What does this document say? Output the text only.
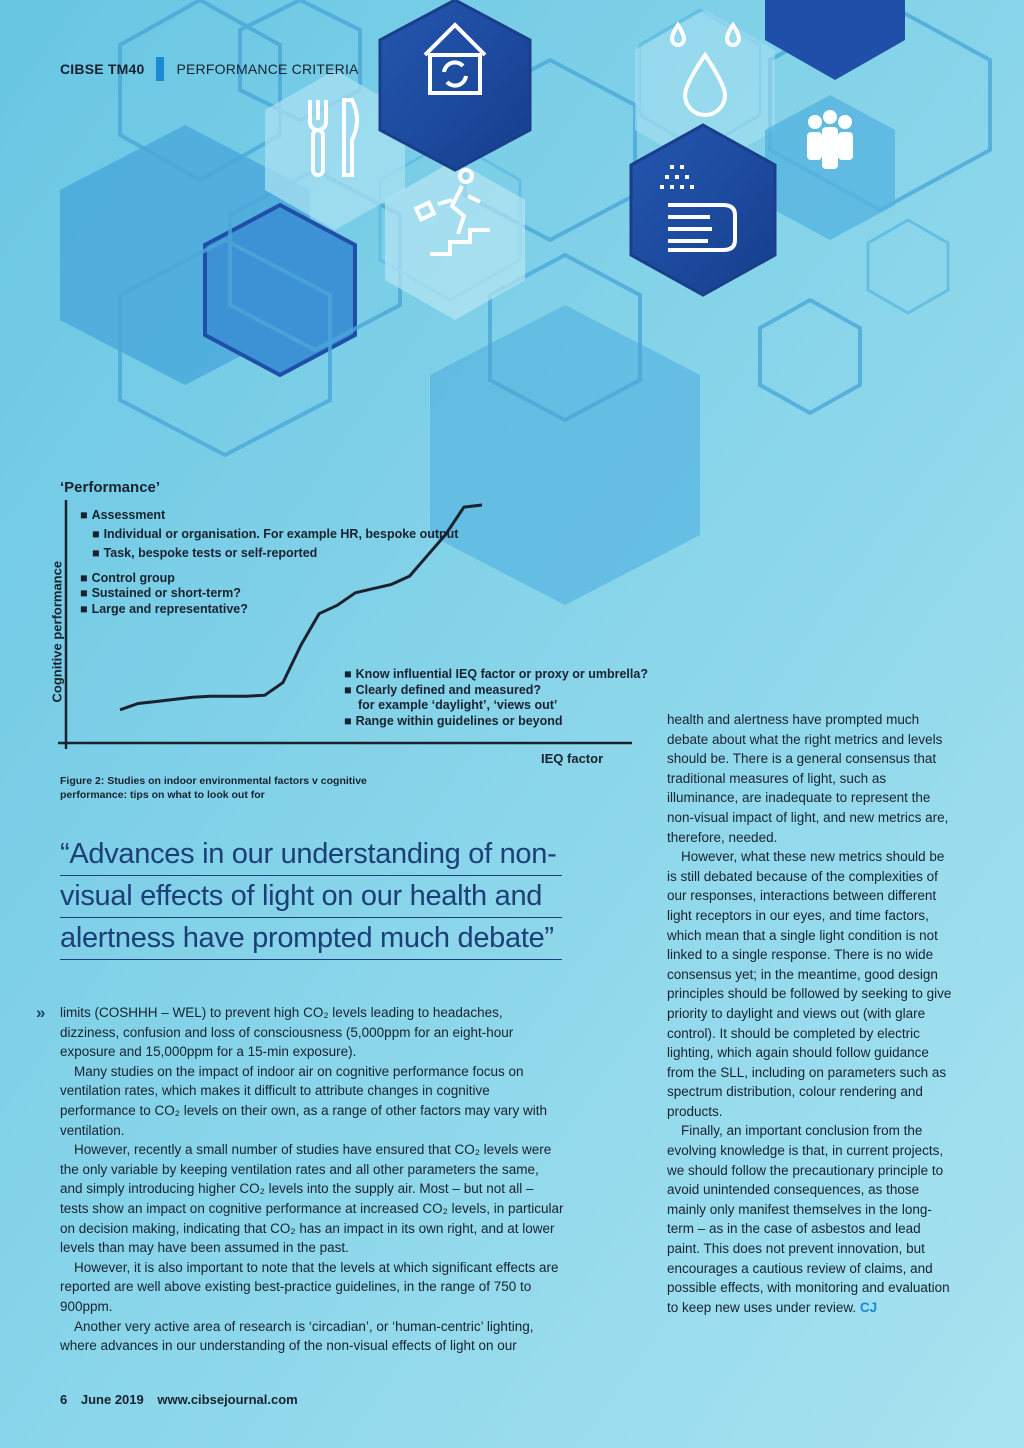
CIBSE TM40 PERFORMANCE CRITERIA
‘Performance’
Cognitive performance
IEQ factor
■ Assessment
■ Individual or organisation. For example HR, bespoke output
■ Task, bespoke tests or self-reported
■ Control group
■ Sustained or short-term?
■ Large and representative?
■ Know influential IEQ factor or proxy or umbrella?
■ Clearly defined and measured?
for example ‘daylight’, ‘views out’
■ Range within guidelines or beyond
Figure 2: Studies on indoor environmental factors v cognitive performance: tips on what to look out for
“Advances in our understanding of non-
visual effects of light on our health and
alertness have prompted much debate”
» limits (COSHHH – WEL) to prevent high CO₂ levels leading to headaches, dizziness, confusion and loss of consciousness (5,000ppm for an eight-hour exposure and 15,000ppm for a 15-min exposure).

Many studies on the impact of indoor air on cognitive performance focus on ventilation rates, which makes it difficult to attribute changes in cognitive performance to CO₂ levels on their own, as a range of other factors may vary with ventilation.

However, recently a small number of studies have ensured that CO₂ levels were the only variable by keeping ventilation rates and all other parameters the same, and simply introducing higher CO₂ levels into the supply air. Most – but not all – tests show an impact on cognitive performance at increased CO₂ levels, in particular on decision making, indicating that CO₂ has an impact in its own right, and at lower levels than may have been assumed in the past.

However, it is also important to note that the levels at which significant effects are reported are well above existing best-practice guidelines, in the range of 750 to 900ppm.

Another very active area of research is ‘circadian’, or ‘human-centric’ lighting, where advances in our understanding of the non-visual effects of light on our

health and alertness have prompted much debate about what the right metrics and levels should be. There is a general consensus that traditional measures of light, such as illuminance, are inadequate to represent the non-visual impact of light, and new metrics are, therefore, needed.

However, what these new metrics should be is still debated because of the complexities of our responses, interactions between different light receptors in our eyes, and time factors, which mean that a single light condition is not linked to a single response. There is no wide consensus yet; in the meantime, good design principles should be followed by seeking to give priority to daylight and views out (with glare control). It should be completed by electric lighting, which again should follow guidance from the SLL, including on parameters such as spectrum distribution, colour rendering and products.

Finally, an important conclusion from the evolving knowledge is that, in current projects, we should follow the precautionary principle to avoid unintended consequences, as those mainly only manifest themselves in the long-term – as in the case of asbestos and lead paint. This does not prevent innovation, but encourages a cautious review of claims, and possible effects, with monitoring and evaluation to keep new uses under review. CJ

6 June 2019 www.cibsejournal.com
